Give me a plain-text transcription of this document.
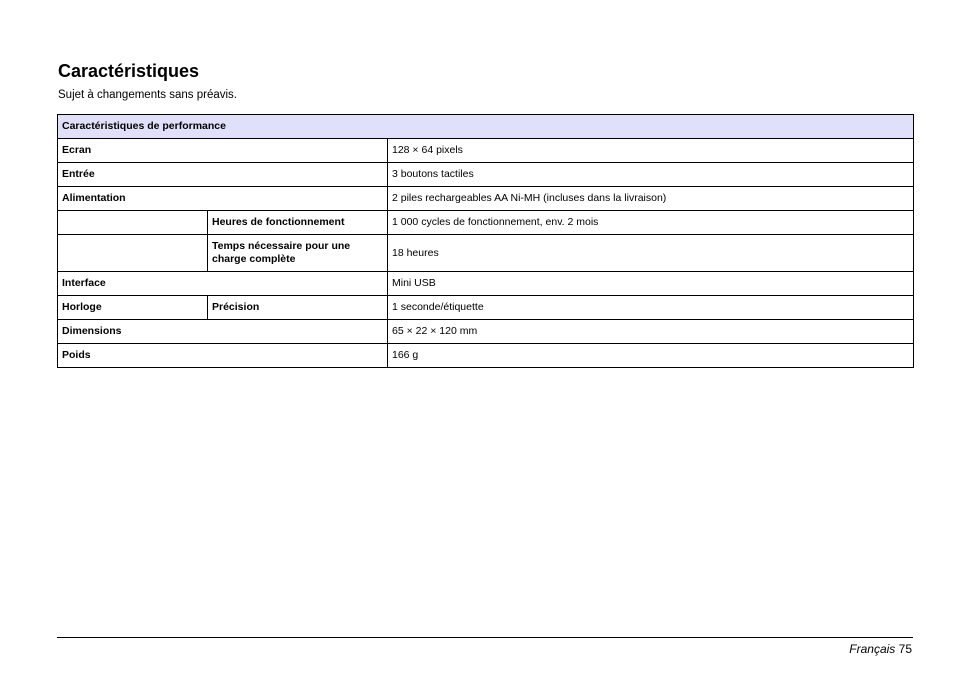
Caractéristiques

Sujet à changements sans préavis.

Caractéristiques de performance		
Ecran		128 × 64 pixels
Entrée		3 boutons tactiles
Alimentation		2 piles rechargeables AA Ni-MH (incluses dans la livraison)
	Heures de fonctionnement	1 000 cycles de fonctionnement, env. 2 mois
	Temps nécessaire pour une charge complète	18 heures
Interface		Mini USB
Horloge	Précision	1 seconde/étiquette
Dimensions		65 × 22 × 120 mm
Poids		166 g
Français 75
